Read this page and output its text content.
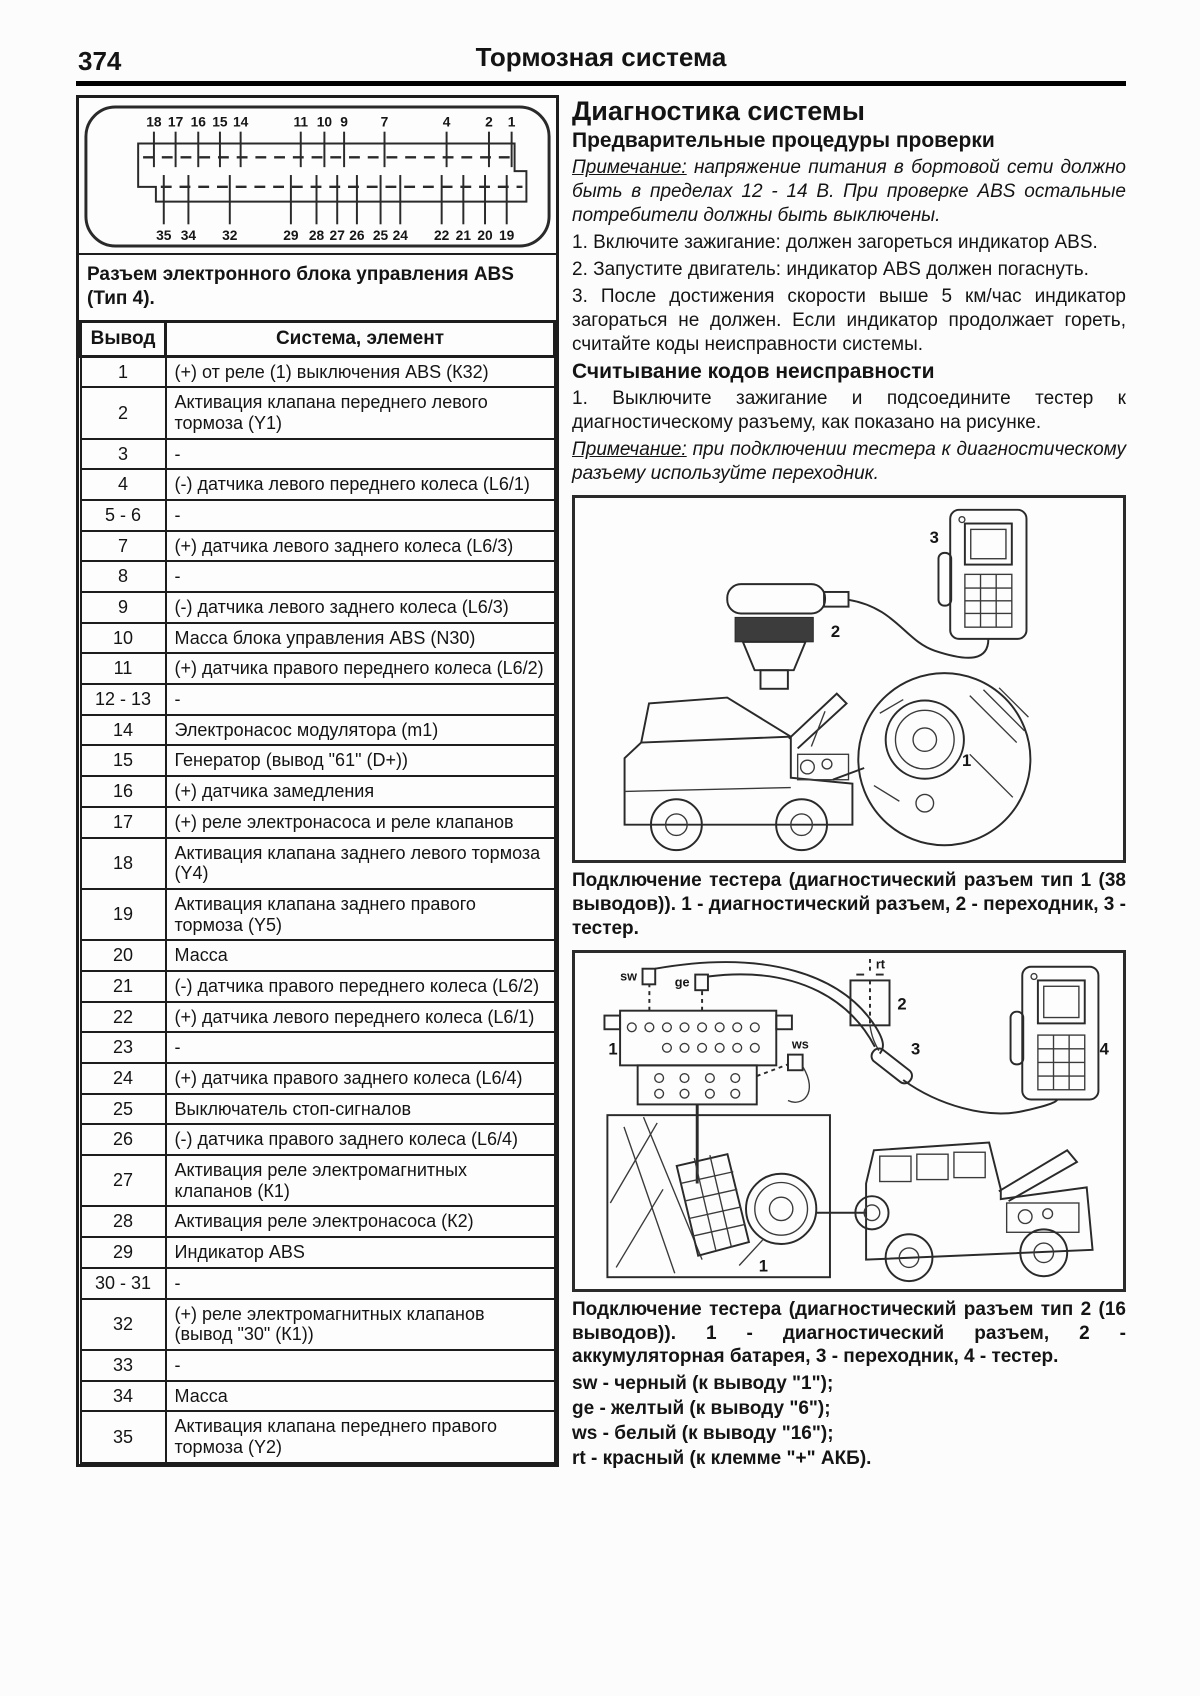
374	Тормозная система
18 17 16 15 14	11 10 9 7	4 2 1
35 34 32	29 28 27 26 25 24 22 21 20 19

Разъем электронного блока управления ABS (Тип 4).

Вывод	Система, элемент
1	(+) от реле (1) выключения ABS (К32)
2	Активация клапана переднего левого тормоза (Y1)
3	-
4	(-) датчика левого переднего колеса (L6/1)
5 - 6	-
7	(+) датчика левого заднего колеса (L6/3)
8	-
9	(-) датчика левого заднего колеса (L6/3)
10	Масса блока управления ABS (N30)
11	(+) датчика правого переднего колеса (L6/2)
12 - 13	-
14	Электронасос модулятора (m1)
15	Генератор (вывод "61" (D+))
16	(+) датчика замедления
17	(+) реле электронасоса и реле клапанов
18	Активация клапана заднего левого тормоза (Y4)
19	Активация клапана заднего правого тормоза (Y5)
20	Масса
21	(-) датчика правого переднего колеса (L6/2)
22	(+) датчика левого переднего колеса (L6/1)
23	-
24	(+) датчика правого заднего колеса (L6/4)
25	Выключатель стоп-сигналов
26	(-) датчика правого заднего колеса (L6/4)
27	Активация реле электромагнитных клапанов (К1)
28	Активация реле электронасоса (К2)
29	Индикатор ABS
30 - 31	-
32	(+) реле электромагнитных клапанов (вывод "30" (К1))
33	-
34	Масса
35	Активация клапана переднего правого тормоза (Y2)
Диагностика системы
Предварительные процедуры проверки

Примечание: напряжение питания в бортовой сети должно быть в пределах 12 - 14 В. При проверке ABS остальные потребители должны быть выключены.

1. Включите зажигание: должен загореться индикатор ABS.

2. Запустите двигатель: индикатор ABS должен погаснуть.

3. После достижения скорости выше 5 км/час индикатор загораться не должен. Если индикатор продолжает гореть, считайте коды неисправности системы.

Считывание кодов неисправности

1. Выключите зажигание и подсоедините тестер к диагностическому разъему, как показано на рисунке.

Примечание: при подключении тестера к диагностическому разъему используйте переходник.

3
2
1

Подключение тестера (диагностический разъем тип 1 (38 выводов)). 1 - диагностический разъем, 2 - переходник, 3 - тестер.

1
sw	ge
ws
2
rt
3	4
1

Подключение тестера (диагностический разъем тип 2 (16 выводов)). 1 - диагностический разъем, 2 - аккумуляторная батарея, 3 - переходник, 4 - тестер.

sw - черный (к выводу "1");

ge - желтый (к выводу "6");

ws - белый (к выводу "16");

rt - красный (к клемме "+" АКБ).
